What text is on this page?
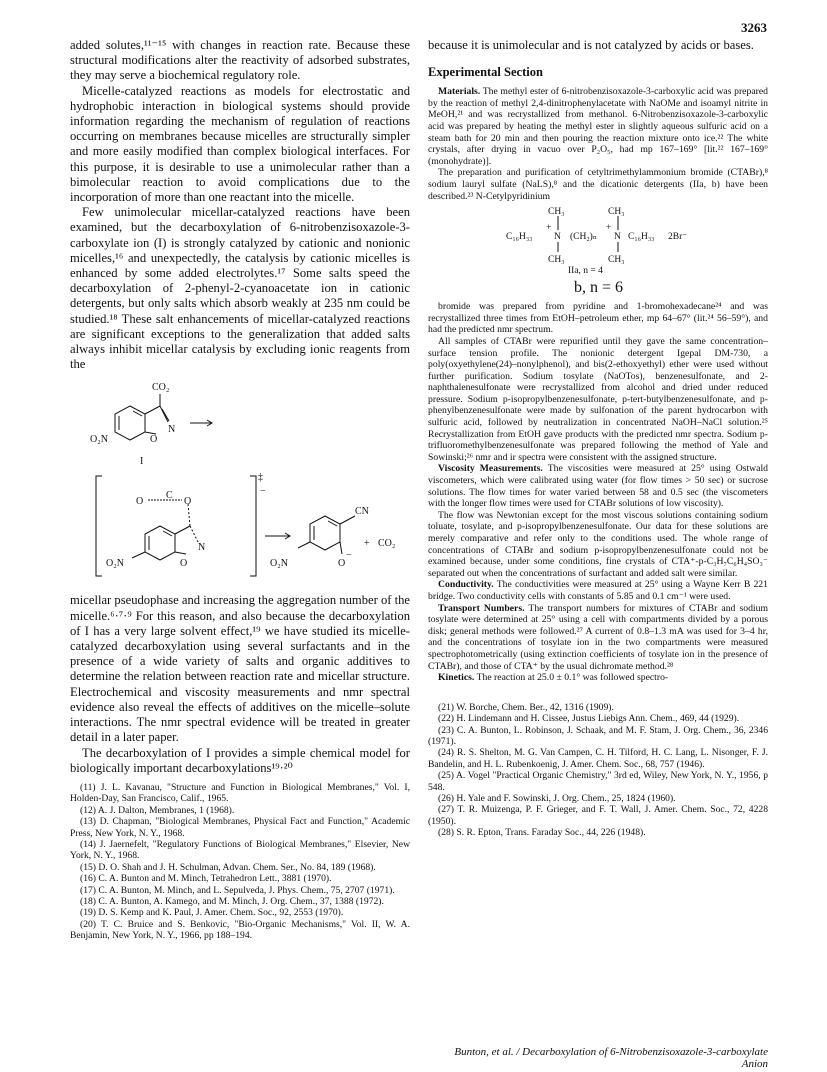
3263

added solutes,¹¹⁻¹⁵ with changes in reaction rate. Because these structural modifications alter the reactivity of adsorbed substrates, they may serve a biochemical regulatory role.

Micelle-catalyzed reactions as models for electrostatic and hydrophobic interaction in biological systems should provide information regarding the mechanism of regulation of reactions occurring on membranes because micelles are structurally simpler and more easily modified than complex biological interfaces. For this purpose, it is desirable to use a unimolecular rather than a bimolecular reaction to avoid complications due to the incorporation of more than one reactant into the micelle.

Few unimolecular micellar-catalyzed reactions have been examined, but the decarboxylation of 6-nitrobenzisoxazole-3-carboxylate ion (I) is strongly catalyzed by cationic and nonionic micelles,¹⁶ and unexpectedly, the catalysis by cationic micelles is enhanced by some added electrolytes.¹⁷ Some salts speed the decarboxylation of 2-phenyl-2-cyanoacetate ion in cationic detergents, but only salts which absorb weakly at 235 nm could be studied.¹⁸ These salt enhancements of micellar-catalyzed reactions are significant exceptions to the generalization that added salts always inhibit micellar catalysis by excluding ionic reagents from the

CO₂
N
O
O₂N
I
‡
−
O
C
O
N
O
O₂N
CN
O
−
O₂N
+ CO₂

micellar pseudophase and increasing the aggregation number of the micelle.⁶·⁷·⁹ For this reason, and also because the decarboxylation of I has a very large solvent effect,¹⁹ we have studied its micelle-catalyzed decarboxylation using several surfactants and in the presence of a wide variety of salts and organic additives to determine the relation between reaction rate and micellar structure. Electrochemical and viscosity measurements and nmr spectral evidence also reveal the effects of additives on the micelle–solute interactions. The nmr spectral evidence will be treated in greater detail in a later paper.

The decarboxylation of I provides a simple chemical model for biologically important decarboxylations¹⁹·²⁰

(11) J. L. Kavanau, "Structure and Function in Biological Membranes," Vol. I, Holden-Day, San Francisco, Calif., 1965.

(12) A. J. Dalton, Membranes, 1 (1968).

(13) D. Chapman, "Biological Membranes, Physical Fact and Function," Academic Press, New York, N. Y., 1968.

(14) J. Jaernefelt, "Regulatory Functions of Biological Membranes," Elsevier, New York, N. Y., 1968.

(15) D. O. Shah and J. H. Schulman, Advan. Chem. Ser., No. 84, 189 (1968).

(16) C. A. Bunton and M. Minch, Tetrahedron Lett., 3881 (1970).

(17) C. A. Bunton, M. Minch, and L. Sepulveda, J. Phys. Chem., 75, 2707 (1971).

(18) C. A. Bunton, A. Kamego, and M. Minch, J. Org. Chem., 37, 1388 (1972).

(19) D. S. Kemp and K. Paul, J. Amer. Chem. Soc., 92, 2553 (1970).

(20) T. C. Bruice and S. Benkovic, "Bio-Organic Mechanisms," Vol. II, W. A. Benjamin, New York, N. Y., 1966, pp 188–194.

because it is unimolecular and is not catalyzed by acids or bases.

Experimental Section

Materials. The methyl ester of 6-nitrobenzisoxazole-3-carboxylic acid was prepared by the reaction of methyl 2,4-dinitrophenylacetate with NaOMe and isoamyl nitrite in MeOH,²¹ and was recrystallized from methanol. 6-Nitrobenzisoxazole-3-carboxylic acid was prepared by heating the methyl ester in slightly aqueous sulfuric acid on a steam bath for 20 min and then pouring the reaction mixture onto ice.²² The white crystals, after drying in vacuo over P₂O₅, had mp 167–169° [lit.²² 167–169° (monohydrate)].

The preparation and purification of cetyltrimethylammonium bromide (CTABr),⁸ sodium lauryl sulfate (NaLS),⁸ and the dicationic detergents (IIa, b) have been described.²³ N-Cetylpyridinium

CH₃	CH₃
+	+
C₁₆H₃₃ N (CH₂)ₙ N C₁₆H₃₃ 2Br⁻
CH₃	CH₃
IIa, n = 4
b, n = 6

bromide was prepared from pyridine and 1-bromohexadecane²⁴ and was recrystallized three times from EtOH–petroleum ether, mp 64–67° (lit.²⁴ 56–59°), and had the predicted nmr spectrum.

All samples of CTABr were repurified until they gave the same concentration–surface tension profile. The nonionic detergent Igepal DM-730, a poly(oxyethylene(24)–nonylphenol), and bis(2-ethoxyethyl) ether were used without further purification. Sodium tosylate (NaOTos), benzenesulfonate, and 2-naphthalenesulfonate were recrystallized from alcohol and dried under reduced pressure. Sodium p-isopropylbenzenesulfonate, p-tert-butylbenzenesulfonate, and p-phenylbenzenesulfonate were made by sulfonation of the parent hydrocarbon with sulfuric acid, followed by neutralization in concentrated NaOH–NaCl solution.²⁵ Recrystallization from EtOH gave products with the predicted nmr spectra. Sodium p-trifluoromethylbenzenesulfonate was prepared following the method of Yale and Sowinski;²⁶ nmr and ir spectra were consistent with the assigned structure.

Viscosity Measurements. The viscosities were measured at 25° using Ostwald viscometers, which were calibrated using water (for flow times > 50 sec) or sucrose solutions. The flow times for water varied between 58 and 0.5 sec (the viscometers with the longer flow times were used for CTABr solutions of low viscosity).

The flow was Newtonian except for the most viscous solutions containing sodium toluate, tosylate, and p-isopropylbenzenesulfonate. Our data for these solutions are merely comparative and refer only to the conditions used. The whole range of concentrations of CTABr and sodium p-isopropylbenzenesulfonate could not be examined because, under some conditions, fine crystals of CTA⁺-p-C₃H₇C₆H₄SO₃⁻ separated out when the concentrations of surfactant and added salt were similar.

Conductivity. The conductivities were measured at 25° using a Wayne Kerr B 221 bridge. Two conductivity cells with constants of 5.85 and 0.1 cm⁻¹ were used.

Transport Numbers. The transport numbers for mixtures of CTABr and sodium tosylate were determined at 25° using a cell with compartments divided by a porous disk; general methods were followed.²⁷ A current of 0.8–1.3 mA was used for 3–4 hr, and the concentrations of tosylate ion in the two compartments were measured spectrophotometrically (using extinction coefficients of tosylate ion in the presence of CTABr), and those of CTA⁺ by the usual dichromate method.²⁸

Kinetics. The reaction at 25.0 ± 0.1° was followed spectro-

(21) W. Borche, Chem. Ber., 42, 1316 (1909).

(22) H. Lindemann and H. Cissee, Justus Liebigs Ann. Chem., 469, 44 (1929).

(23) C. A. Bunton, L. Robinson, J. Schaak, and M. F. Stam, J. Org. Chem., 36, 2346 (1971).

(24) R. S. Shelton, M. G. Van Campen, C. H. Tilford, H. C. Lang, L. Nisonger, F. J. Bandelin, and H. L. Rubenkoenig, J. Amer. Chem. Soc., 68, 757 (1946).

(25) A. Vogel "Practical Organic Chemistry," 3rd ed, Wiley, New York, N. Y., 1956, p 548.

(26) H. Yale and F. Sowinski, J. Org. Chem., 25, 1824 (1960).

(27) T. R. Muizenga, P. F. Grieger, and F. T. Wall, J. Amer. Chem. Soc., 72, 4228 (1950).

(28) S. R. Epton, Trans. Faraday Soc., 44, 226 (1948).

Bunton, et al. / Decarboxylation of 6-Nitrobenzisoxazole-3-carboxylate Anion
